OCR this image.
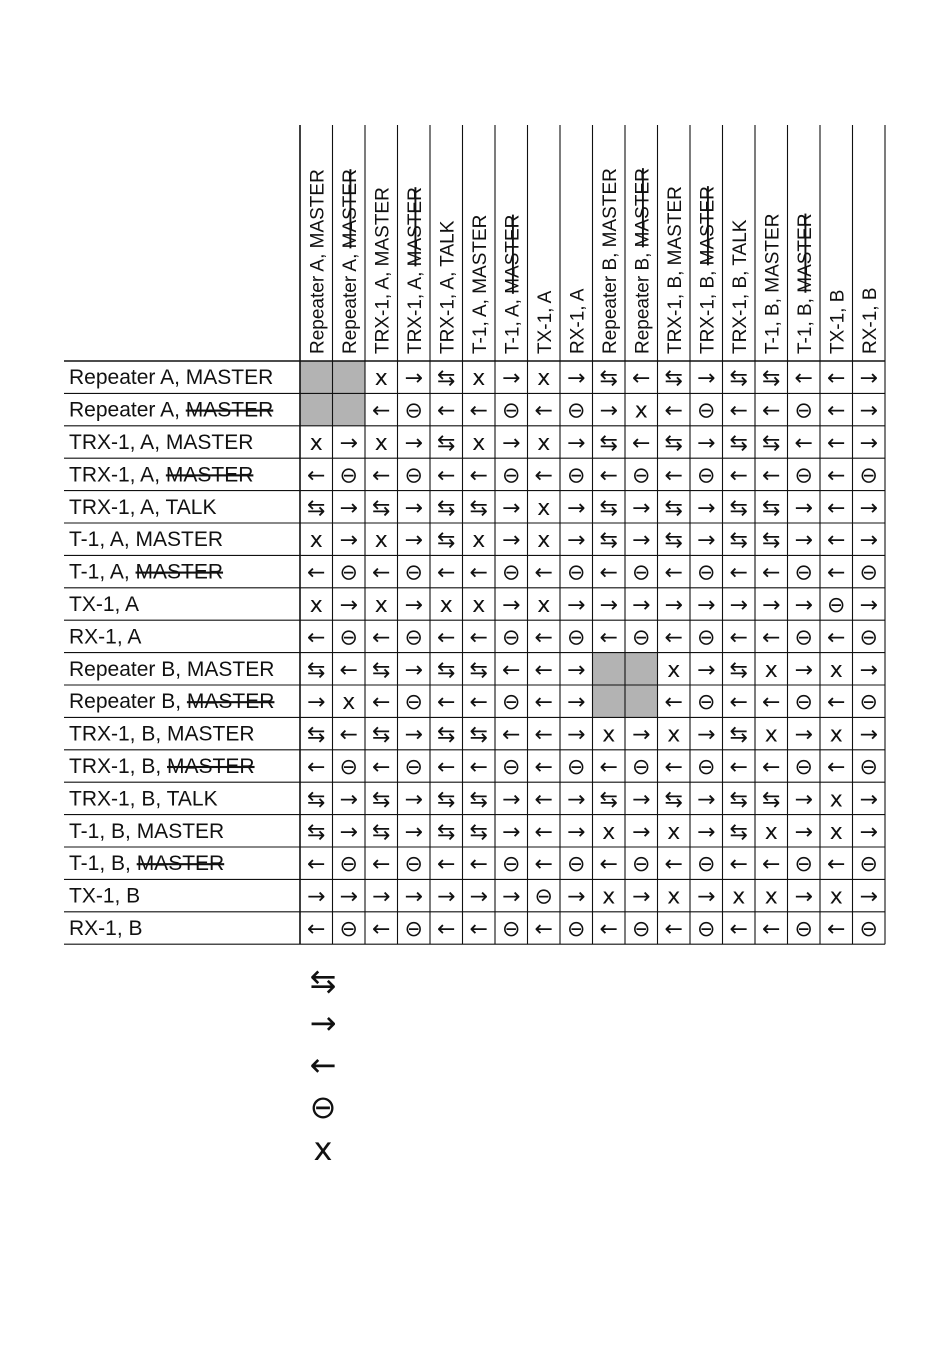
Repeater A, MASTER
Repeater A, MASTER
TRX-1, A, MASTER
TRX-1, A, MASTER
TRX-1, A, TALK
T-1, A, MASTER
T-1, A, MASTER
TX-1, A RX-1, A Repeater B, MASTER
Repeater B, MASTER
TRX-1, B, MASTER
TRX-1, B, MASTER
TRX-1, B, TALK
T-1, B, MASTER
T-1, B, MASTER
TX-1, B RX-1, B
Repeater A, MASTER
Repeater A, MASTER
TRX-1, A, MASTER
TRX-1, A, MASTER
TRX-1, A, TALK
T-1, A, MASTER
T-1, A, MASTER
TX-1, A
RX-1, A
Repeater B, MASTER
Repeater B, MASTER
TRX-1, B, MASTER
TRX-1, B, MASTER
TRX-1, B, TALK
T-1, B, MASTER
T-1, B, MASTER
TX-1, B
RX-1, B
x → ⇆ x → x → ⇆ ← ⇆ → ⇆ ⇆ ← ← →
← ⊖ ← ← ⊖ ← ⊖ → x ← ⊖ ← ← ⊖ ← →
x → x → ⇆ x → x → ⇆ ← ⇆ → ⇆ ⇆ ← ← →
← ⊖ ← ⊖ ← ← ⊖ ← ⊖ ← ⊖ ← ⊖ ← ← ⊖ ← ⊖
⇆ → ⇆ → ⇆ ⇆ → x → ⇆ → ⇆ → ⇆ ⇆ → ← →
x → x → ⇆ x → x → ⇆ → ⇆ → ⇆ ⇆ → ← →
← ⊖ ← ⊖ ← ← ⊖ ← ⊖ ← ⊖ ← ⊖ ← ← ⊖ ← ⊖
x → x → x x → x → → → → → → → → ⊖ →
← ⊖ ← ⊖ ← ← ⊖ ← ⊖ ← ⊖ ← ⊖ ← ← ⊖ ← ⊖
⇆ ← ⇆ → ⇆ ⇆ ← ← →	x → ⇆ x → x →
→ x ← ⊖ ← ← ⊖ ← →	← ⊖ ← ← ⊖ ← ⊖
⇆ ← ⇆ → ⇆ ⇆ ← ← → x → x → ⇆ x → x →
← ⊖ ← ⊖ ← ← ⊖ ← ⊖ ← ⊖ ← ⊖ ← ← ⊖ ← ⊖
⇆ → ⇆ → ⇆ ⇆ → ← → ⇆ → ⇆ → ⇆ ⇆ → x →
⇆ → ⇆ → ⇆ ⇆ → ← → x → x → ⇆ x → x →
← ⊖ ← ⊖ ← ← ⊖ ← ⊖ ← ⊖ ← ⊖ ← ← ⊖ ← ⊖
→ → → → → → → ⊖ → x → x → x x → x →
← ⊖ ← ⊖ ← ← ⊖ ← ⊖ ← ⊖ ← ⊖ ← ← ⊖ ← ⊖
⇆
→
←
⊖
x
